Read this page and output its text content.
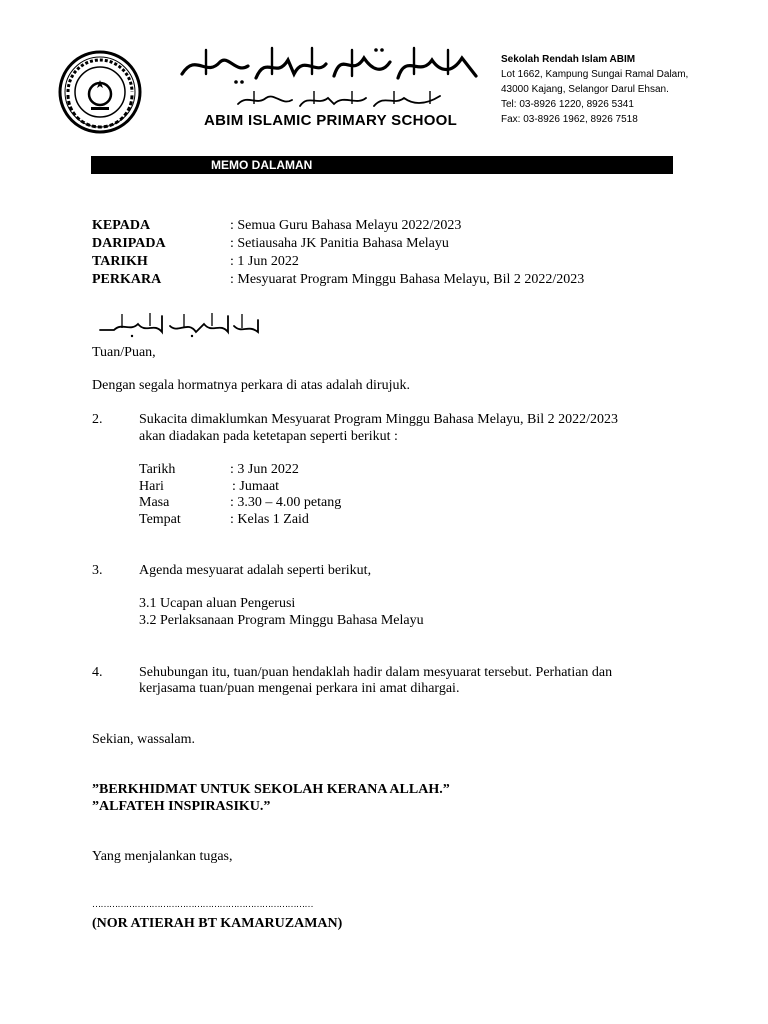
ABIM ISLAMIC PRIMARY SCHOOL
Sekolah Rendah Islam ABIM
Lot 1662, Kampung Sungai Ramal Dalam,
43000 Kajang, Selangor Darul Ehsan.
Tel: 03-8926 1220, 8926 5341
Fax: 03-8926 1962, 8926 7518
MEMO DALAMAN
KEPADA	: Semua Guru Bahasa Melayu 2022/2023
DARIPADA	: Setiausaha JK Panitia Bahasa Melayu
TARIKH	: 1 Jun 2022
PERKARA	: Mesyuarat Program Minggu Bahasa Melayu, Bil 2 2022/2023
Tuan/Puan,
Dengan segala hormatnya perkara di atas adalah dirujuk.
2.	Sukacita dimaklumkan Mesyuarat Program Minggu Bahasa Melayu, Bil 2 2022/2023
akan diadakan pada ketetapan seperti berikut :
Tarikh	: 3 Jun 2022
Hari	: Jumaat
Masa	: 3.30 – 4.00 petang
Tempat	: Kelas 1 Zaid
3.	Agenda mesyuarat adalah seperti berikut,
3.1 Ucapan aluan Pengerusi
3.2 Perlaksanaan Program Minggu Bahasa Melayu
4.	Sehubungan itu, tuan/puan hendaklah hadir dalam mesyuarat tersebut. Perhatian dan
kerjasama tuan/puan mengenai perkara ini amat dihargai.
Sekian, wassalam.
”BERKHIDMAT UNTUK SEKOLAH KERANA ALLAH.”
”ALFATEH INSPIRASIKU.”
Yang menjalankan tugas,
……………………………………………………………………
(NOR ATIERAH BT KAMARUZAMAN)
